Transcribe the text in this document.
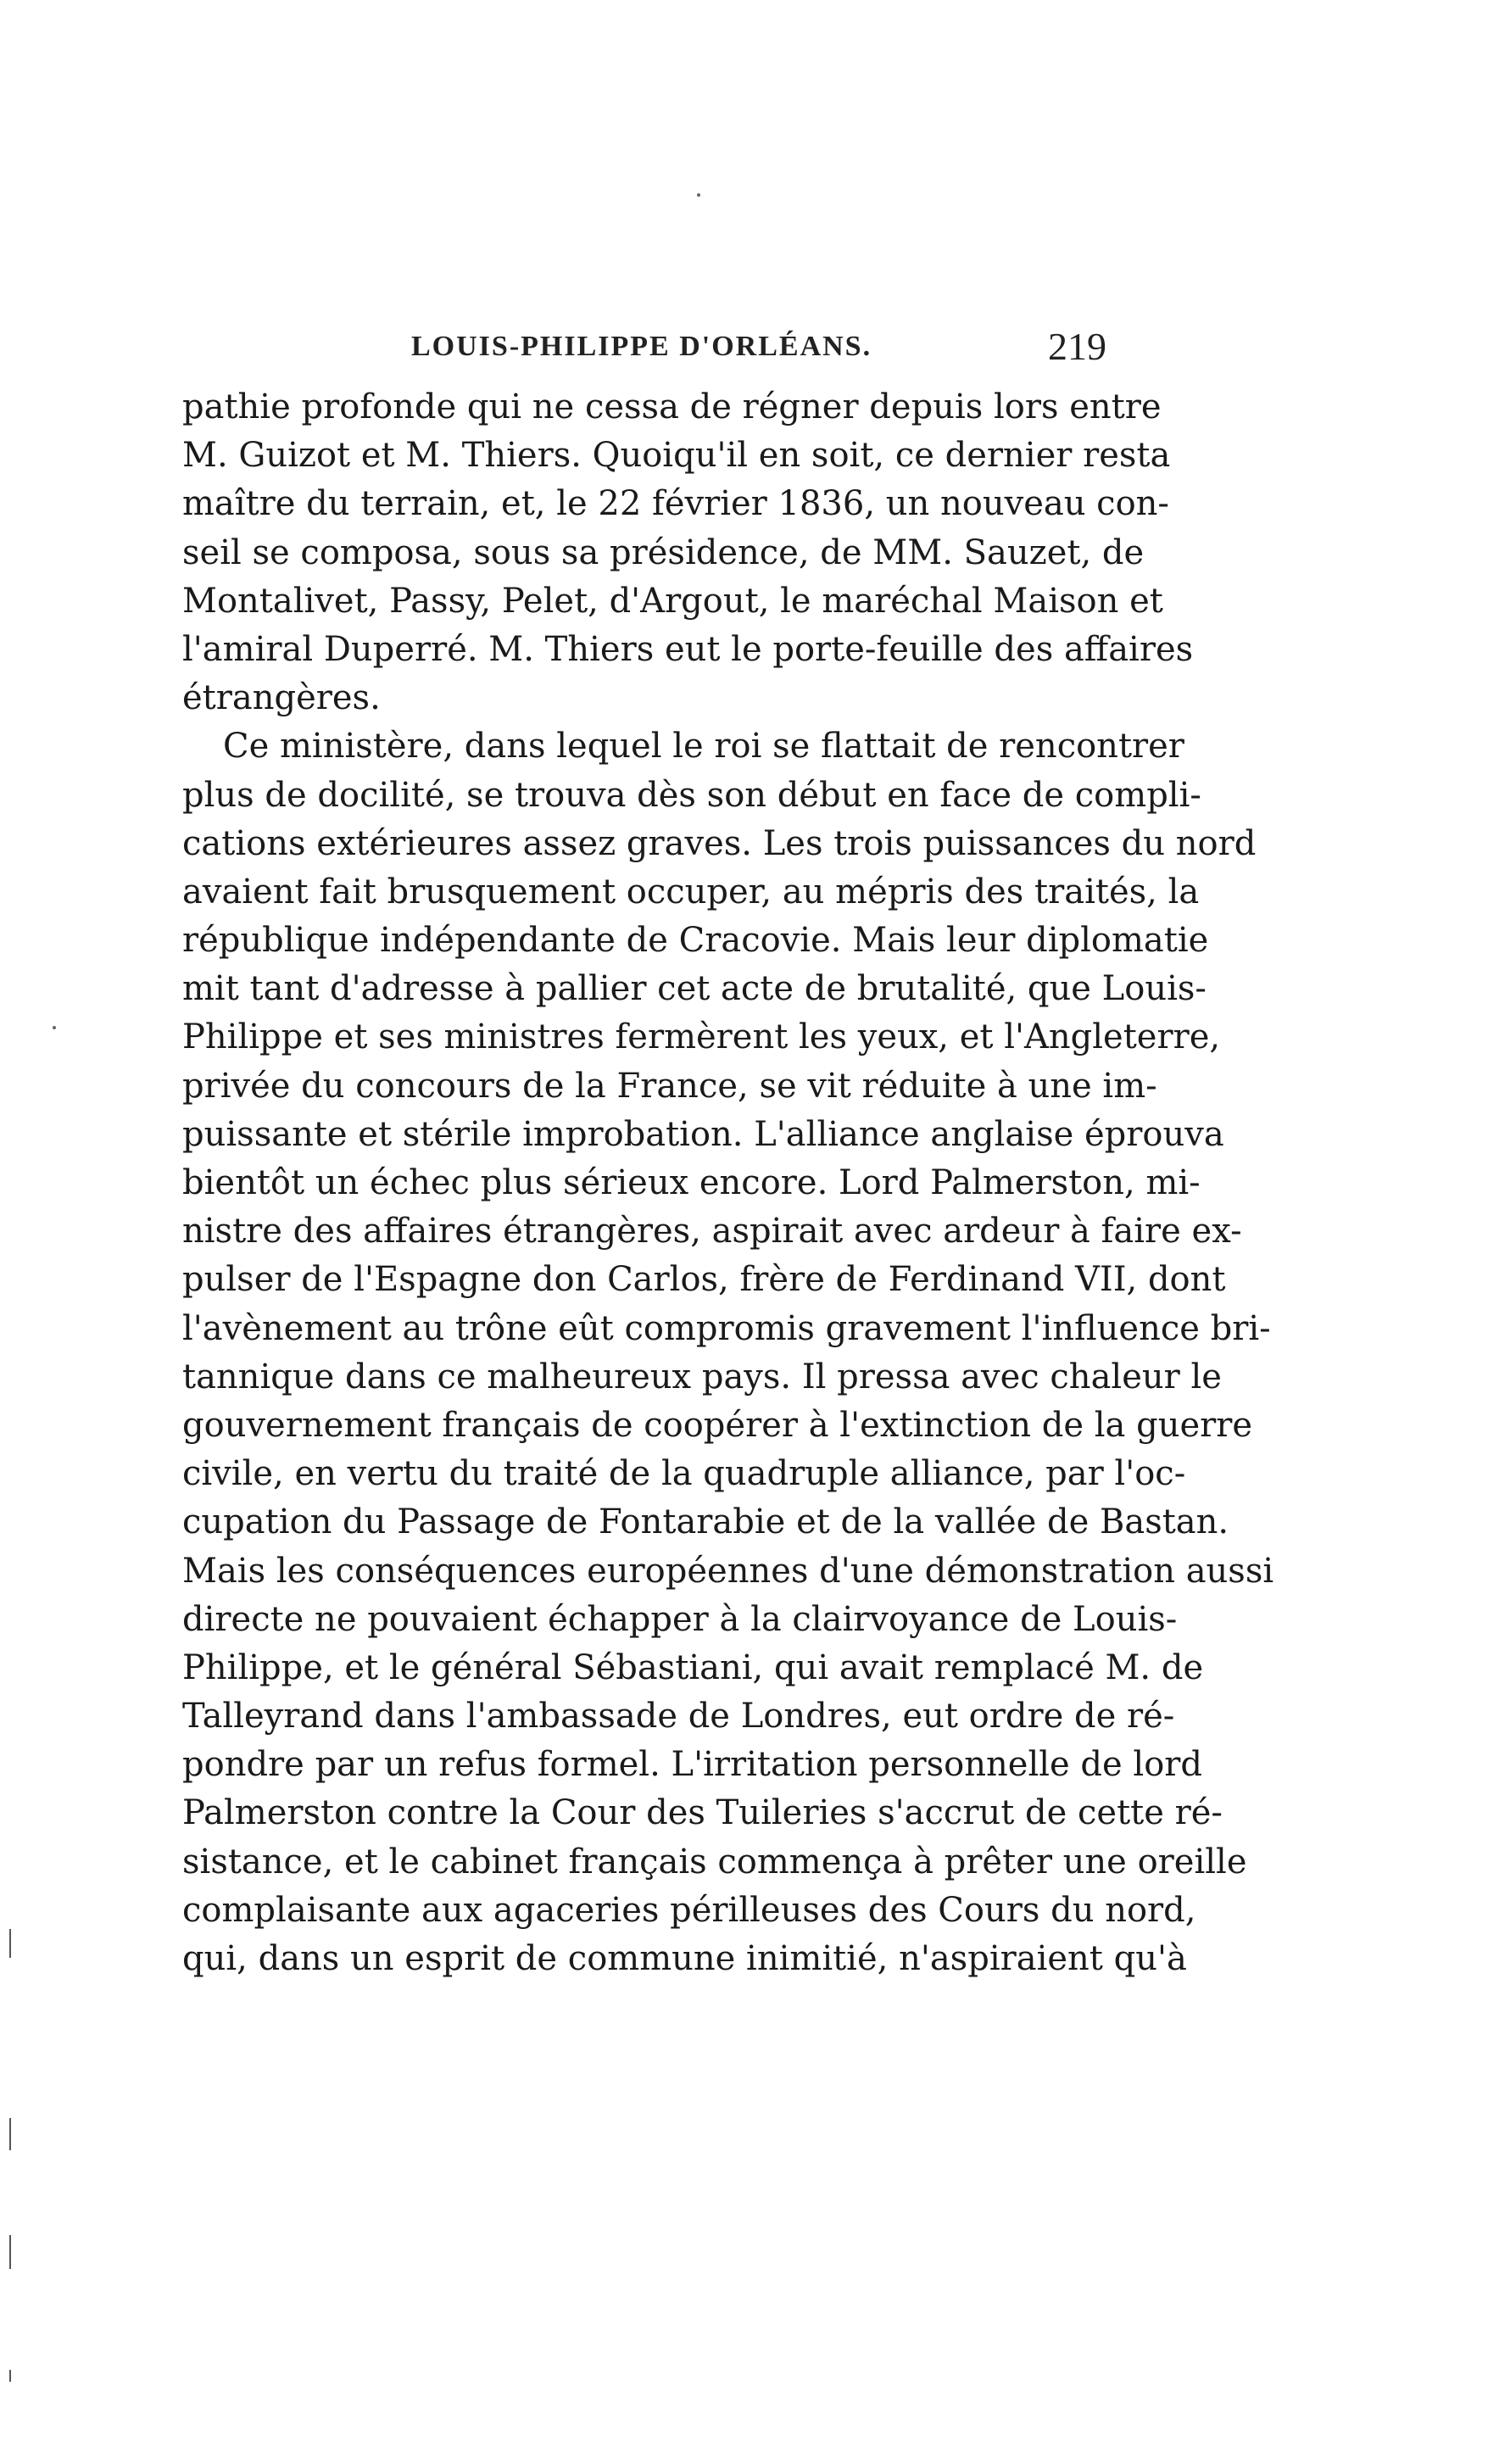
LOUIS-PHILIPPE D'ORLÉANS.	219
pathie profonde qui ne cessa de régner depuis lors entre
M. Guizot et M. Thiers. Quoiqu'il en soit, ce dernier resta
maître du terrain, et, le 22 février 1836, un nouveau con-
seil se composa, sous sa présidence, de MM. Sauzet, de
Montalivet, Passy, Pelet, d'Argout, le maréchal Maison et
l'amiral Duperré. M. Thiers eut le porte-feuille des affaires
étrangères.
Ce ministère, dans lequel le roi se flattait de rencontrer
plus de docilité, se trouva dès son début en face de compli-
cations extérieures assez graves. Les trois puissances du nord
avaient fait brusquement occuper, au mépris des traités, la
république indépendante de Cracovie. Mais leur diplomatie
mit tant d'adresse à pallier cet acte de brutalité, que Louis-
Philippe et ses ministres fermèrent les yeux, et l'Angleterre,
privée du concours de la France, se vit réduite à une im-
puissante et stérile improbation. L'alliance anglaise éprouva
bientôt un échec plus sérieux encore. Lord Palmerston, mi-
nistre des affaires étrangères, aspirait avec ardeur à faire ex-
pulser de l'Espagne don Carlos, frère de Ferdinand VII, dont
l'avènement au trône eût compromis gravement l'influence bri-
tannique dans ce malheureux pays. Il pressa avec chaleur le
gouvernement français de coopérer à l'extinction de la guerre
civile, en vertu du traité de la quadruple alliance, par l'oc-
cupation du Passage de Fontarabie et de la vallée de Bastan.
Mais les conséquences européennes d'une démonstration aussi
directe ne pouvaient échapper à la clairvoyance de Louis-
Philippe, et le général Sébastiani, qui avait remplacé M. de
Talleyrand dans l'ambassade de Londres, eut ordre de ré-
pondre par un refus formel. L'irritation personnelle de lord
Palmerston contre la Cour des Tuileries s'accrut de cette ré-
sistance, et le cabinet français commença à prêter une oreille
complaisante aux agaceries périlleuses des Cours du nord,
qui, dans un esprit de commune inimitié, n'aspiraient qu'à
